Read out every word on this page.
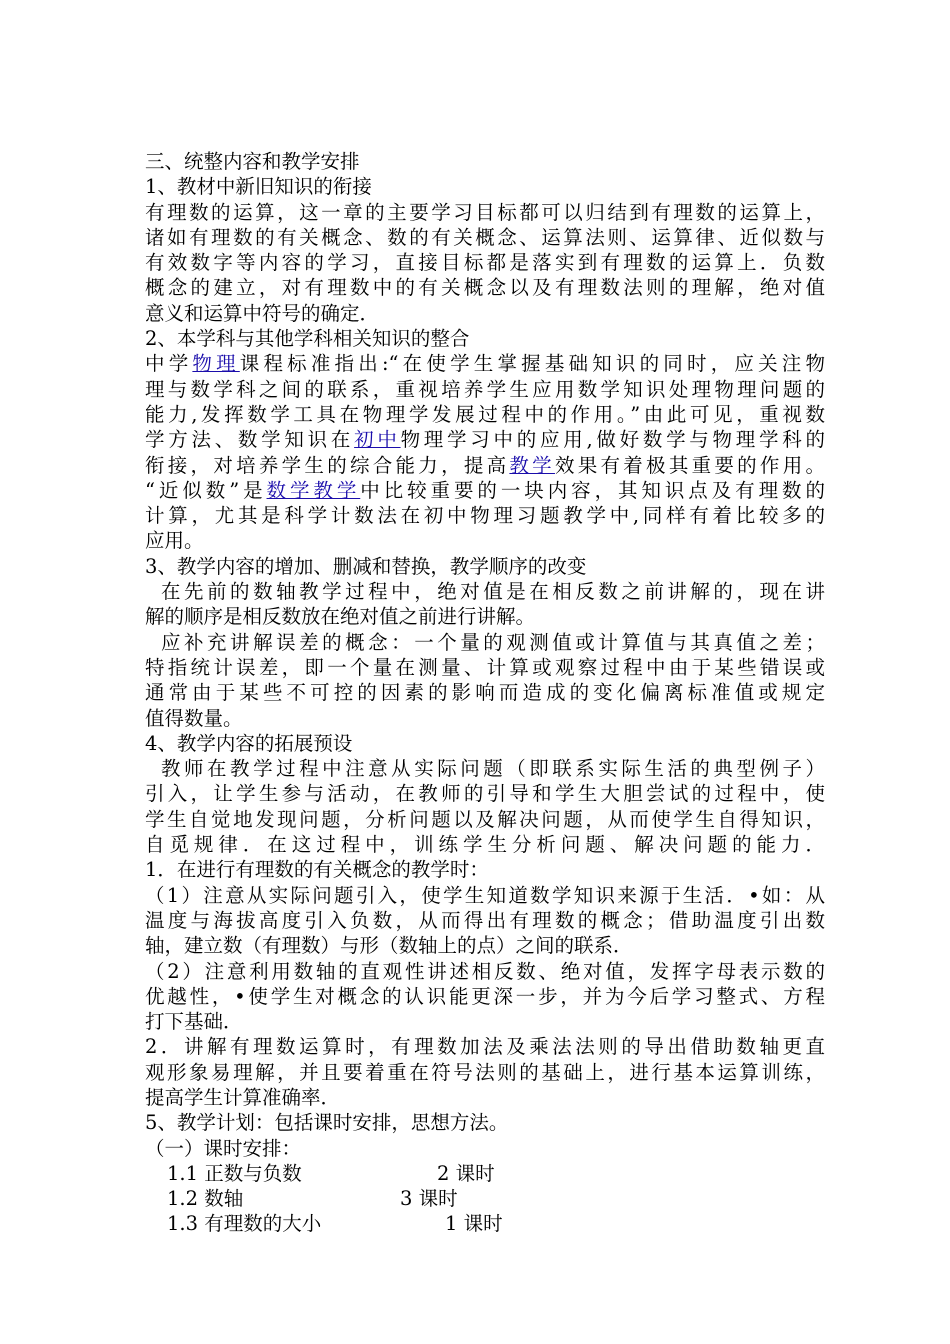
三、统整内容和教学安排
1、教材中新旧知识的衔接
有理数的运算，这一章的主要学习目标都可以归结到有理数的运算上，
诸如有理数的有关概念、数的有关概念、运算法则、运算律、近似数与
有效数字等内容的学习，直接目标都是落实到有理数的运算上．负数
概念的建立，对有理数中的有关概念以及有理数法则的理解，绝对值
意义和运算中符号的确定．
2、本学科与其他学科相关知识的整合
中学物理课程标准指出:“在使学生掌握基础知识的同时，应关注物
理与数学科之间的联系，重视培养学生应用数学知识处理物理问题的
能力,发挥数学工具在物理学发展过程中的作用。”由此可见，重视数
学方法、数学知识在初中物理学习中的应用,做好数学与物理学科的
衔接，对培养学生的综合能力，提高教学效果有着极其重要的作用。
“近似数”是数学教学中比较重要的一块内容，其知识点及有理数的
计算，尤其是科学计数法在初中物理习题教学中,同样有着比较多的
应用。
3、教学内容的增加、删减和替换，教学顺序的改变
在先前的数轴教学过程中，绝对值是在相反数之前讲解的，现在讲
解的顺序是相反数放在绝对值之前进行讲解。
应补充讲解误差的概念：一个量的观测值或计算值与其真值之差；
特指统计误差，即一个量在测量、计算或观察过程中由于某些错误或
通常由于某些不可控的因素的影响而造成的变化偏离标准值或规定
值得数量。
4、教学内容的拓展预设
教师在教学过程中注意从实际问题（即联系实际生活的典型例子）
引入，让学生参与活动，在教师的引导和学生大胆尝试的过程中，使
学生自觉地发现问题，分析问题以及解决问题，从而使学生自得知识，
自觅规律．在这过程中，训练学生分析问题、解决问题的能力．
1．在进行有理数的有关概念的教学时：
（1）注意从实际问题引入，使学生知道数学知识来源于生活．•如：从
温度与海拔高度引入负数，从而得出有理数的概念；借助温度引出数
轴，建立数（有理数）与形（数轴上的点）之间的联系．
（2）注意利用数轴的直观性讲述相反数、绝对值，发挥字母表示数的
优越性，•使学生对概念的认识能更深一步，并为今后学习整式、方程
打下基础．
2．讲解有理数运算时，有理数加法及乘法法则的导出借助数轴更直
观形象易理解，并且要着重在符号法则的基础上，进行基本运算训练，
提高学生计算准确率．
5、教学计划：包括课时安排，思想方法。
（一）课时安排：
1.1 正数与负数	2 课时
1.2 数轴	3 课时
1.3 有理数的大小	1 课时
